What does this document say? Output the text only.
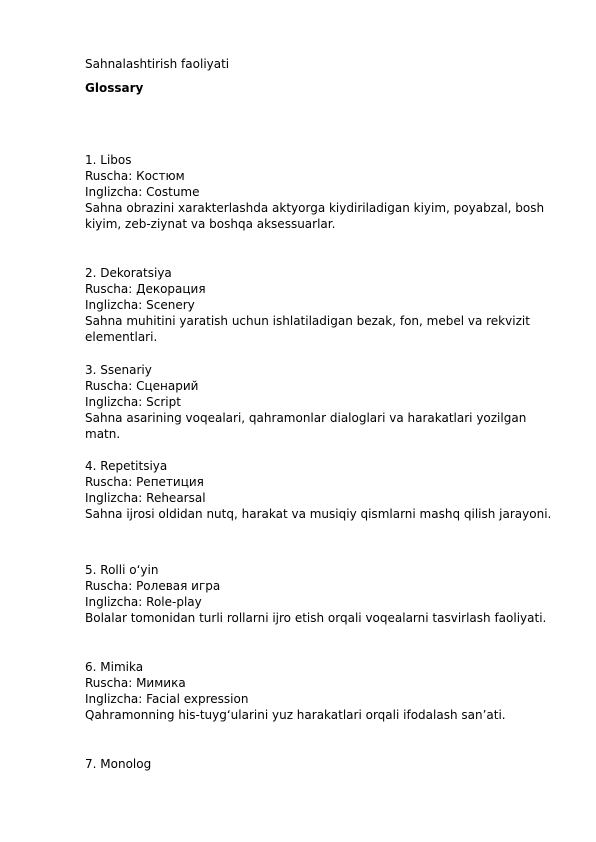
Sahnalashtirish faoliyati
Glossary
1. Libos
Ruscha: Костюм
Inglizcha: Costume
Sahna obrazini xarakterlashda aktyorga kiydiriladigan kiyim, poyabzal, bosh kiyim, zeb-ziynat va boshqa aksessuarlar.
2. Dekoratsiya
Ruscha: Декорация
Inglizcha: Scenery
Sahna muhitini yaratish uchun ishlatiladigan bezak, fon, mebel va rekvizit elementlari.
3. Ssenariy
Ruscha: Сценарий
Inglizcha: Script
Sahna asarining voqealari, qahramonlar dialoglari va harakatlari yozilgan matn.
4. Repetitsiya
Ruscha: Репетиция
Inglizcha: Rehearsal
Sahna ijrosi oldidan nutq, harakat va musiqiy qismlarni mashq qilish jarayoni.
5. Rolli o‘yin
Ruscha: Ролевая игра
Inglizcha: Role-play
Bolalar tomonidan turli rollarni ijro etish orqali voqealarni tasvirlash faoliyati.
6. Mimika
Ruscha: Мимика
Inglizcha: Facial expression
Qahramonning his-tuyg‘ularini yuz harakatlari orqali ifodalash san’ati.
7. Monolog
